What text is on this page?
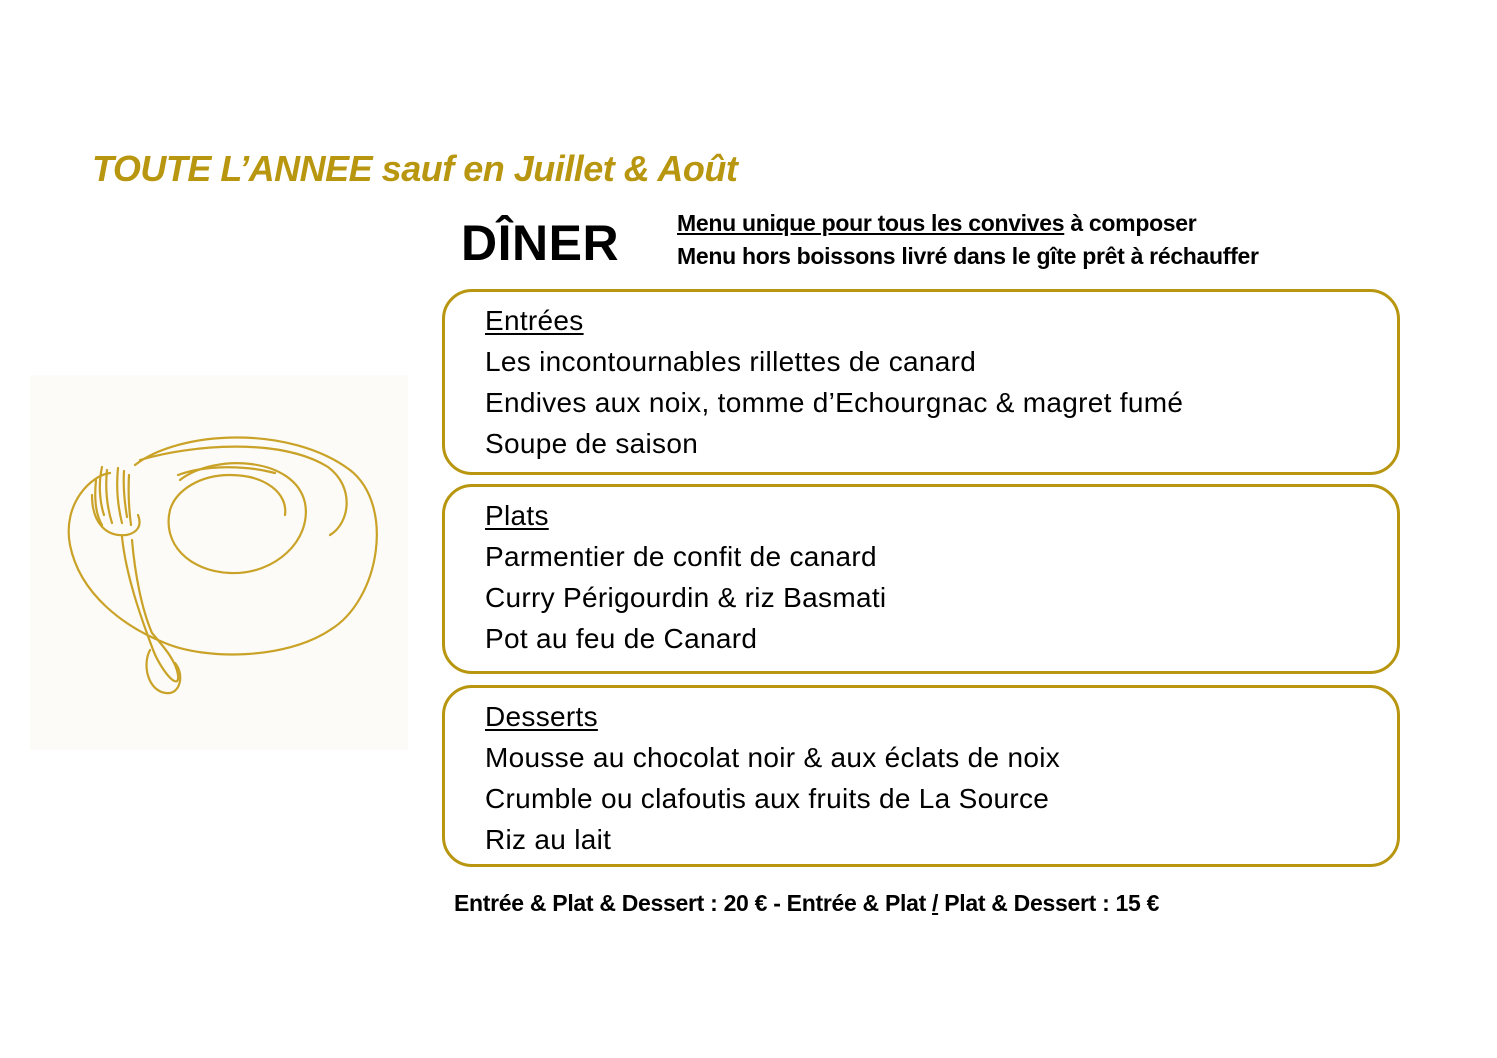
TOUTE L’ANNEE sauf en Juillet & Août
DÎNER	Menu unique pour tous les convives à composer
Menu hors boissons livré dans le gîte prêt à réchauffer
Entrées
Les incontournables rillettes de canard
Endives aux noix, tomme d’Echourgnac & magret fumé
Soupe de saison
Plats
Parmentier de confit de canard
Curry Périgourdin & riz Basmati
Pot au feu de Canard
Desserts
Mousse au chocolat noir & aux éclats de noix
Crumble ou clafoutis aux fruits de La Source
Riz au lait
Entrée & Plat & Dessert : 20 € - Entrée & Plat / Plat & Dessert : 15 €
